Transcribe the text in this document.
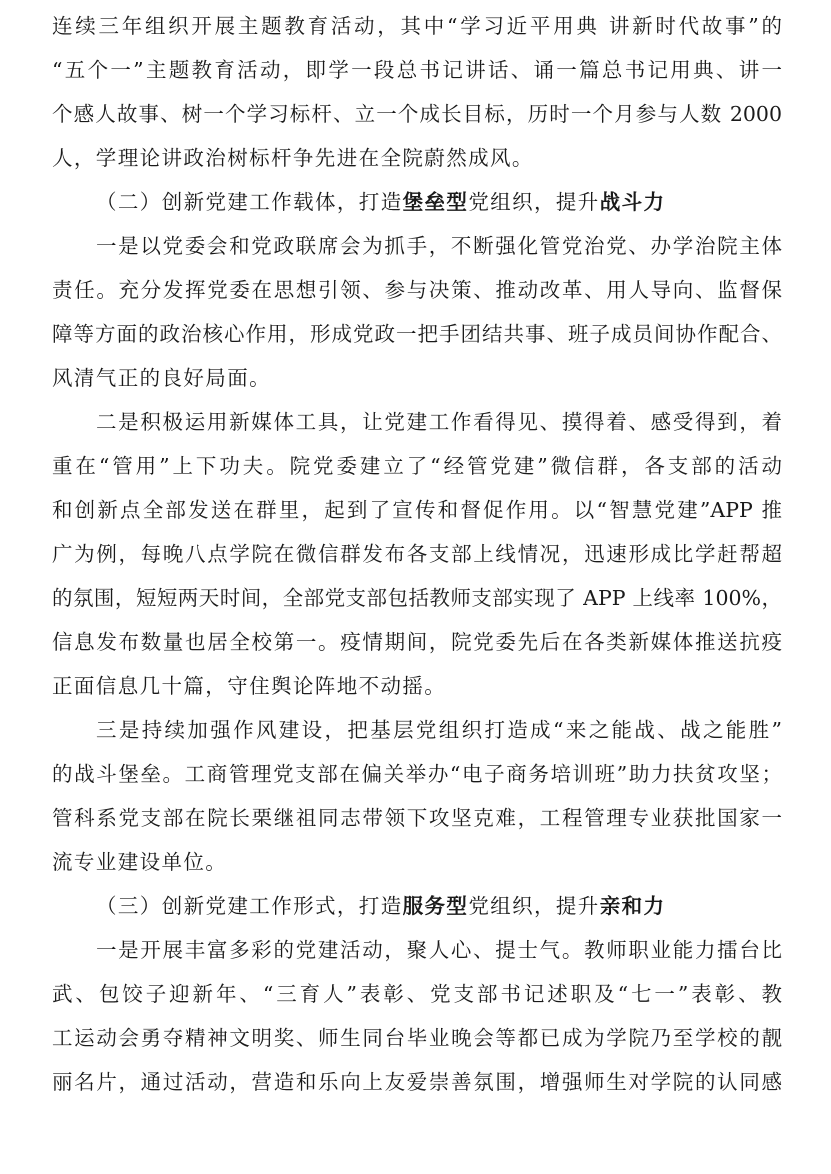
连续三年组织开展主题教育活动，其中“学习近平用典 讲新时代故事”的
“五个一”主题教育活动，即学一段总书记讲话、诵一篇总书记用典、讲一
个感人故事、树一个学习标杆、立一个成长目标，历时一个月参与人数 2000
人，学理论讲政治树标杆争先进在全院蔚然成风。
（二）创新党建工作载体，打造堡垒型党组织，提升战斗力
一是以党委会和党政联席会为抓手，不断强化管党治党、办学治院主体
责任。充分发挥党委在思想引领、参与决策、推动改革、用人导向、监督保
障等方面的政治核心作用，形成党政一把手团结共事、班子成员间协作配合、
风清气正的良好局面。
二是积极运用新媒体工具，让党建工作看得见、摸得着、感受得到，着
重在“管用”上下功夫。院党委建立了“经管党建”微信群，各支部的活动
和创新点全部发送在群里，起到了宣传和督促作用。以“智慧党建”APP 推
广为例，每晚八点学院在微信群发布各支部上线情况，迅速形成比学赶帮超
的氛围，短短两天时间，全部党支部包括教师支部实现了 APP 上线率 100%，
信息发布数量也居全校第一。疫情期间，院党委先后在各类新媒体推送抗疫
正面信息几十篇，守住舆论阵地不动摇。
三是持续加强作风建设，把基层党组织打造成“来之能战、战之能胜”
的战斗堡垒。工商管理党支部在偏关举办“电子商务培训班”助力扶贫攻坚；
管科系党支部在院长栗继祖同志带领下攻坚克难，工程管理专业获批国家一
流专业建设单位。
（三）创新党建工作形式，打造服务型党组织，提升亲和力
一是开展丰富多彩的党建活动，聚人心、提士气。教师职业能力擂台比
武、包饺子迎新年、“三育人”表彰、党支部书记述职及“七一”表彰、教
工运动会勇夺精神文明奖、师生同台毕业晚会等都已成为学院乃至学校的靓
丽名片，通过活动，营造和乐向上友爱崇善氛围，增强师生对学院的认同感
